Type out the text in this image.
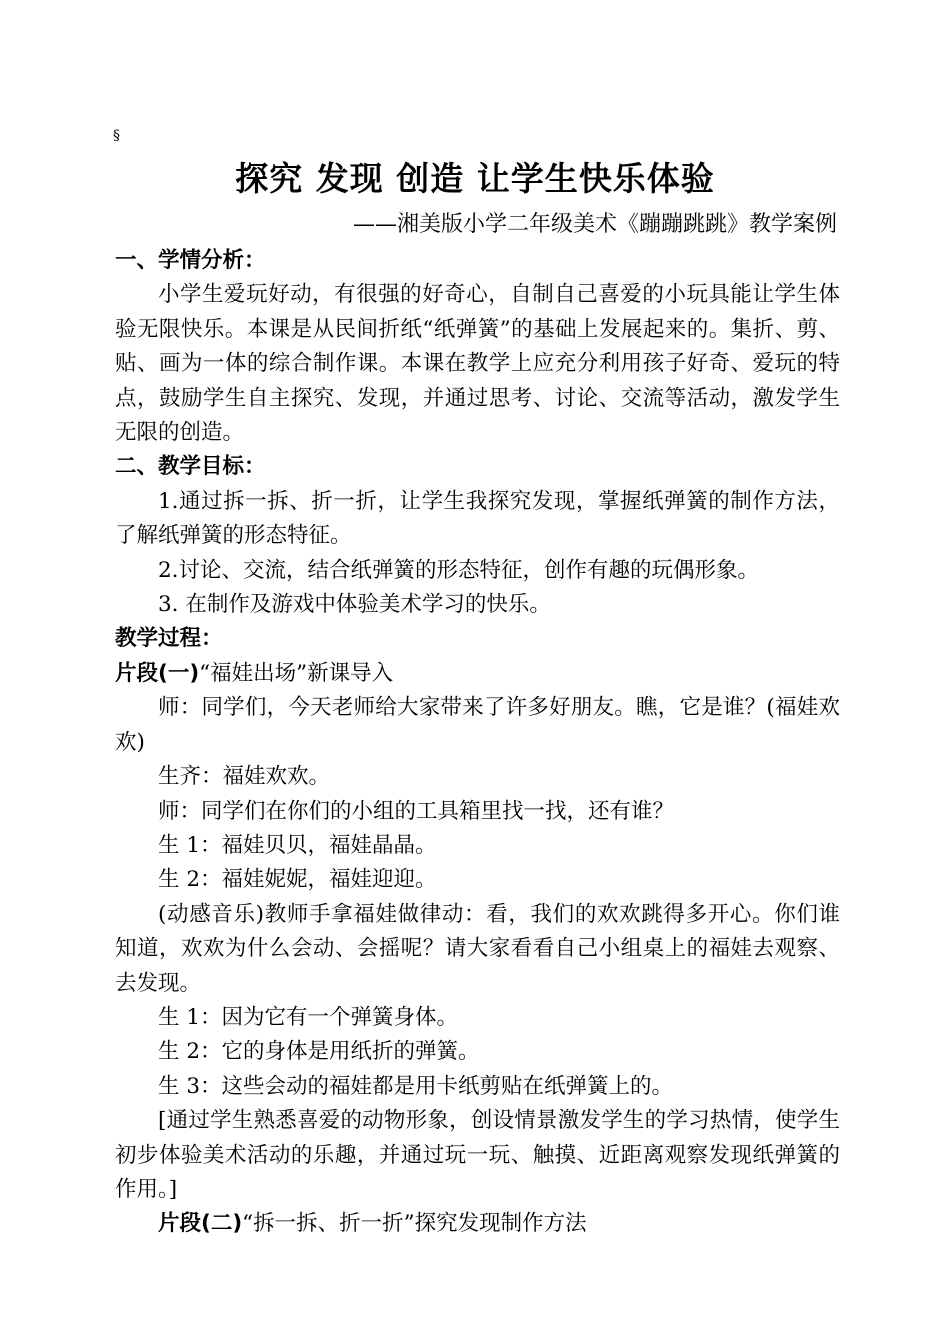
§
探究 发现 创造 让学生快乐体验
——湘美版小学二年级美术《蹦蹦跳跳》教学案例

一、学情分析：

小学生爱玩好动，有很强的好奇心，自制自己喜爱的小玩具能让学生体验无限快乐。本课是从民间折纸“纸弹簧”的基础上发展起来的。集折、剪、贴、画为一体的综合制作课。本课在教学上应充分利用孩子好奇、爱玩的特点，鼓励学生自主探究、发现，并通过思考、讨论、交流等活动，激发学生无限的创造。

二、教学目标：

1.通过拆一拆、折一折，让学生我探究发现，掌握纸弹簧的制作方法，了解纸弹簧的形态特征。

2.讨论、交流，结合纸弹簧的形态特征，创作有趣的玩偶形象。

3. 在制作及游戏中体验美术学习的快乐。

教学过程：

片段(一)“福娃出场”新课导入

师：同学们，今天老师给大家带来了许多好朋友。瞧，它是谁？(福娃欢欢)

生齐：福娃欢欢。

师：同学们在你们的小组的工具箱里找一找，还有谁？

生 1：福娃贝贝，福娃晶晶。

生 2：福娃妮妮，福娃迎迎。

(动感音乐)教师手拿福娃做律动：看，我们的欢欢跳得多开心。你们谁知道，欢欢为什么会动、会摇呢？请大家看看自己小组桌上的福娃去观察、去发现。

生 1：因为它有一个弹簧身体。

生 2：它的身体是用纸折的弹簧。

生 3：这些会动的福娃都是用卡纸剪贴在纸弹簧上的。

[通过学生熟悉喜爱的动物形象，创设情景激发学生的学习热情，使学生初步体验美术活动的乐趣，并通过玩一玩、触摸、近距离观察发现纸弹簧的作用。]

片段(二)“拆一拆、折一折”探究发现制作方法
